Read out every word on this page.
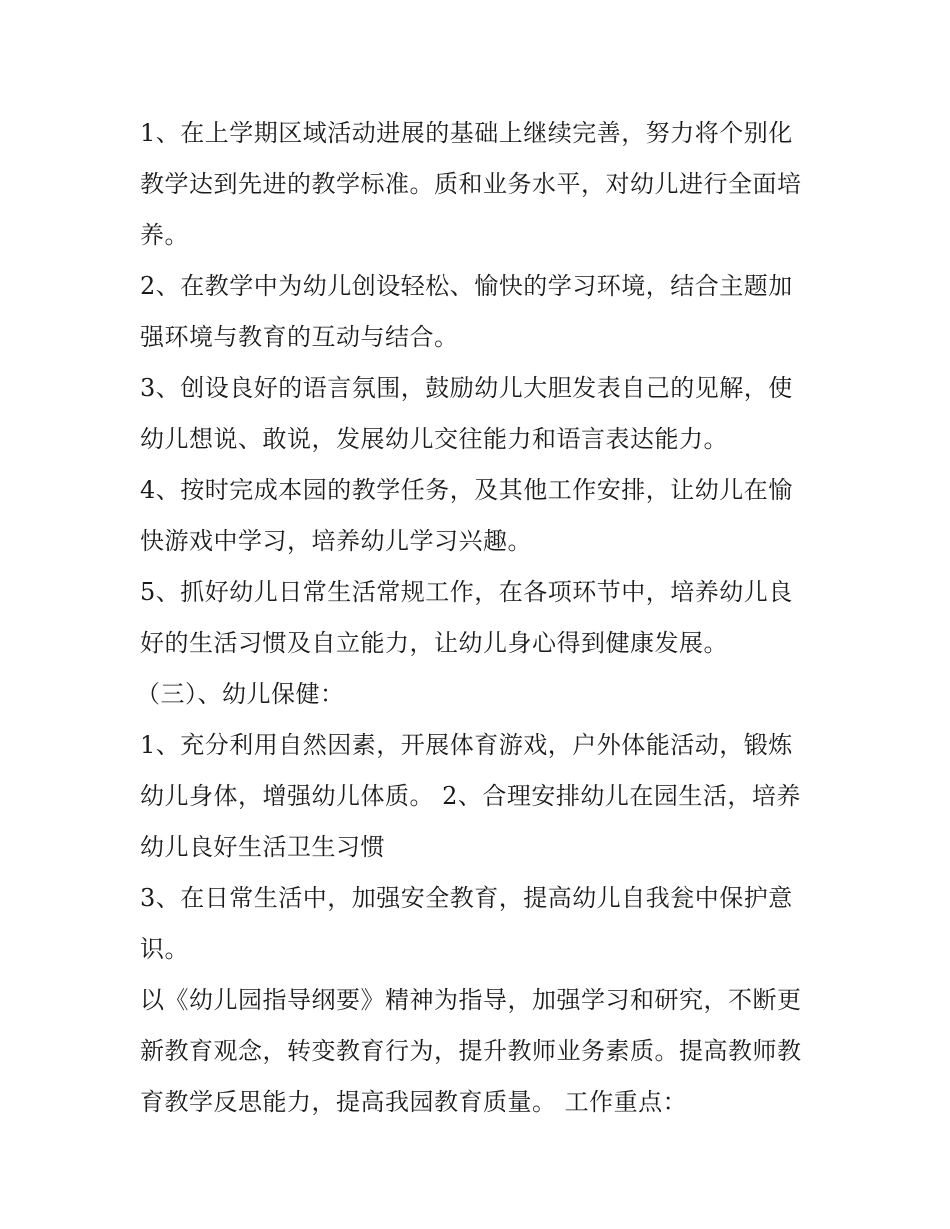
1、在上学期区域活动进展的基础上继续完善，努力将个别化
教学达到先进的教学标准。质和业务水平，对幼儿进行全面培
养。
2、在教学中为幼儿创设轻松、愉快的学习环境，结合主题加
强环境与教育的互动与结合。
3、创设良好的语言氛围，鼓励幼儿大胆发表自己的见解，使
幼儿想说、敢说，发展幼儿交往能力和语言表达能力。
4、按时完成本园的教学任务，及其他工作安排，让幼儿在愉
快游戏中学习，培养幼儿学习兴趣。
5、抓好幼儿日常生活常规工作，在各项环节中，培养幼儿良
好的生活习惯及自立能力，让幼儿身心得到健康发展。
（三）、幼儿保健：
1、充分利用自然因素，开展体育游戏，户外体能活动，锻炼
幼儿身体，增强幼儿体质。 2、合理安排幼儿在园生活，培养
幼儿良好生活卫生习惯
3、在日常生活中，加强安全教育，提高幼儿自我瓮中保护意
识。
以《幼儿园指导纲要》精神为指导，加强学习和研究，不断更
新教育观念，转变教育行为，提升教师业务素质。提高教师教
育教学反思能力，提高我园教育质量。 工作重点：
